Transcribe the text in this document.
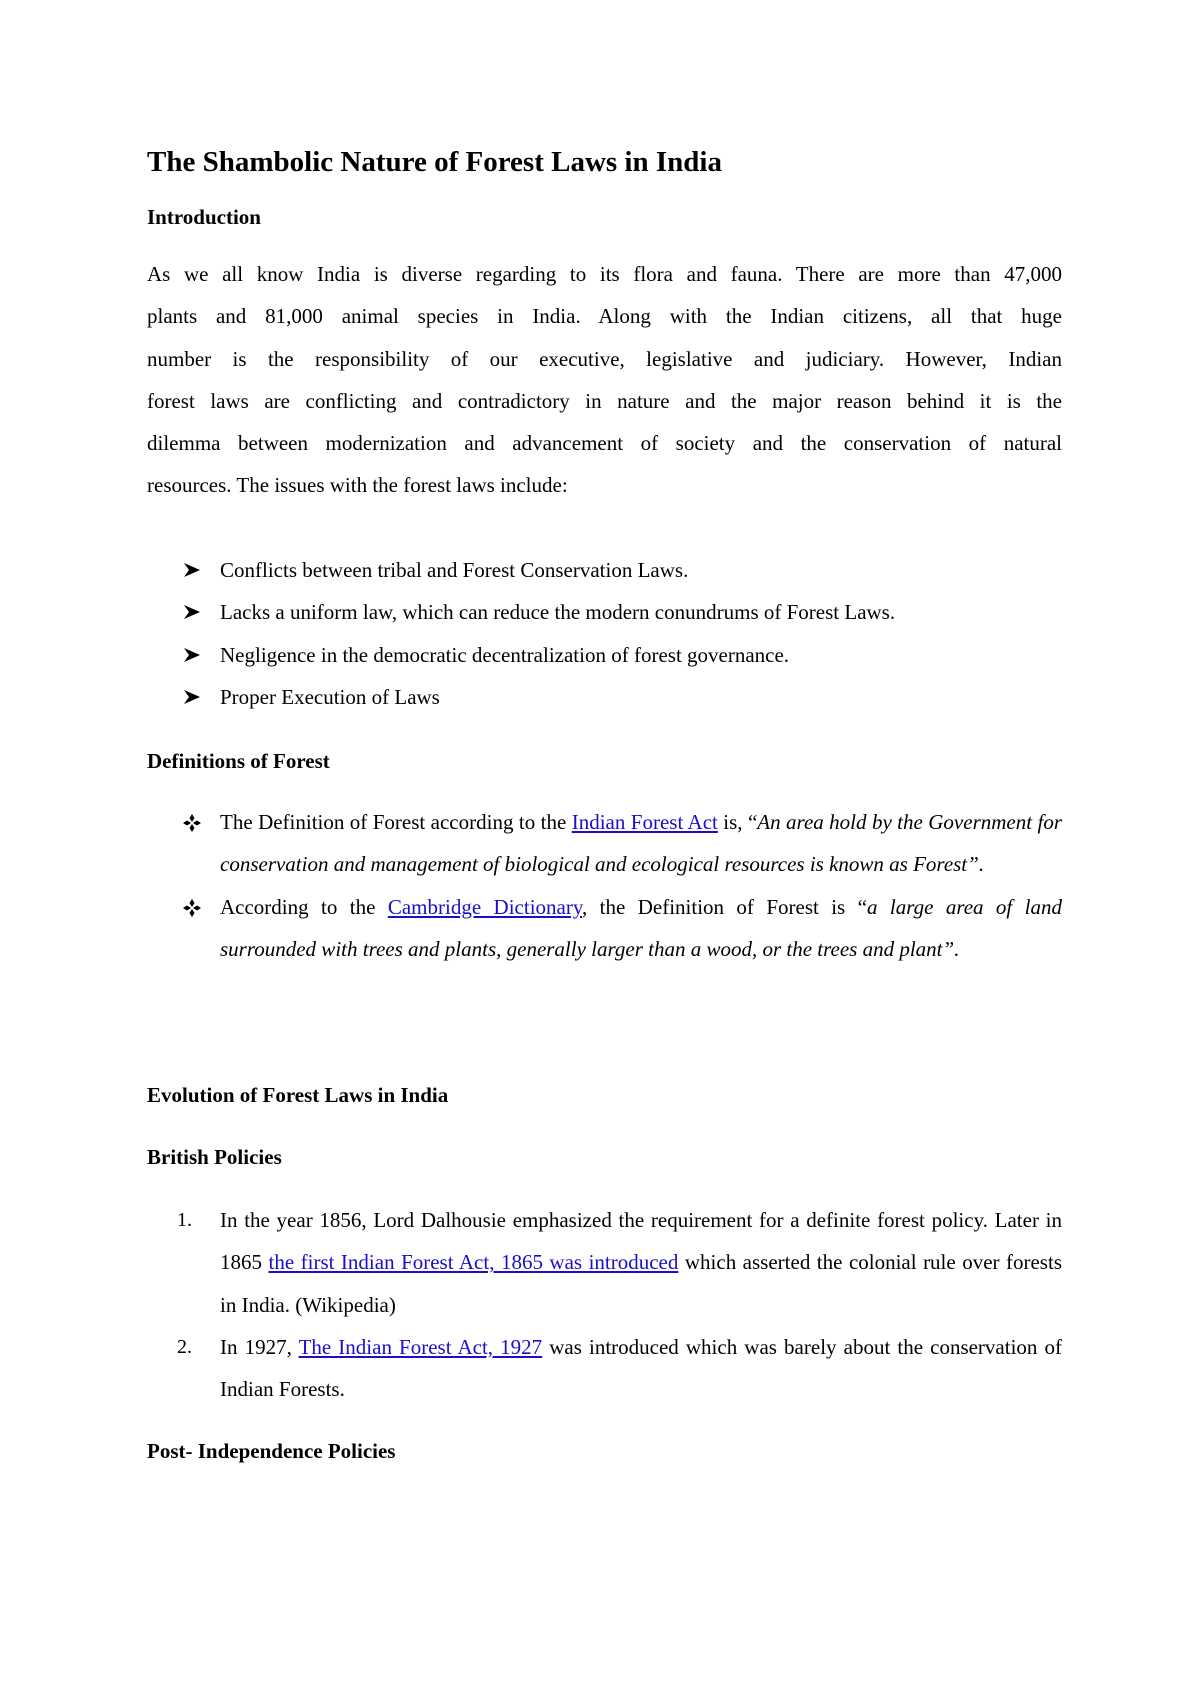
The Shambolic Nature of Forest Laws in India
Introduction
As we all know India is diverse regarding to its flora and fauna. There are more than 47,000
plants and 81,000 animal species in India. Along with the Indian citizens, all that huge
number is the responsibility of our executive, legislative and judiciary. However, Indian
forest laws are conflicting and contradictory in nature and the major reason behind it is the
dilemma between modernization and advancement of society and the conservation of natural
resources. The issues with the forest laws include:
Conflicts between tribal and Forest Conservation Laws.
Lacks a uniform law, which can reduce the modern conundrums of Forest Laws.
Negligence in the democratic decentralization of forest governance.
Proper Execution of Laws
Definitions of Forest
The Definition of Forest according to the Indian Forest Act is, “An area hold by the Government for conservation and management of biological and ecological resources is known as Forest”.
According to the Cambridge Dictionary, the Definition of Forest is “a large area of land surrounded with trees and plants, generally larger than a wood, or the trees and plant”.
Evolution of Forest Laws in India
British Policies
1. In the year 1856, Lord Dalhousie emphasized the requirement for a definite forest policy. Later in 1865 the first Indian Forest Act, 1865 was introduced which asserted the colonial rule over forests in India. (Wikipedia)
2. In 1927, The Indian Forest Act, 1927 was introduced which was barely about the conservation of Indian Forests.
Post- Independence Policies
